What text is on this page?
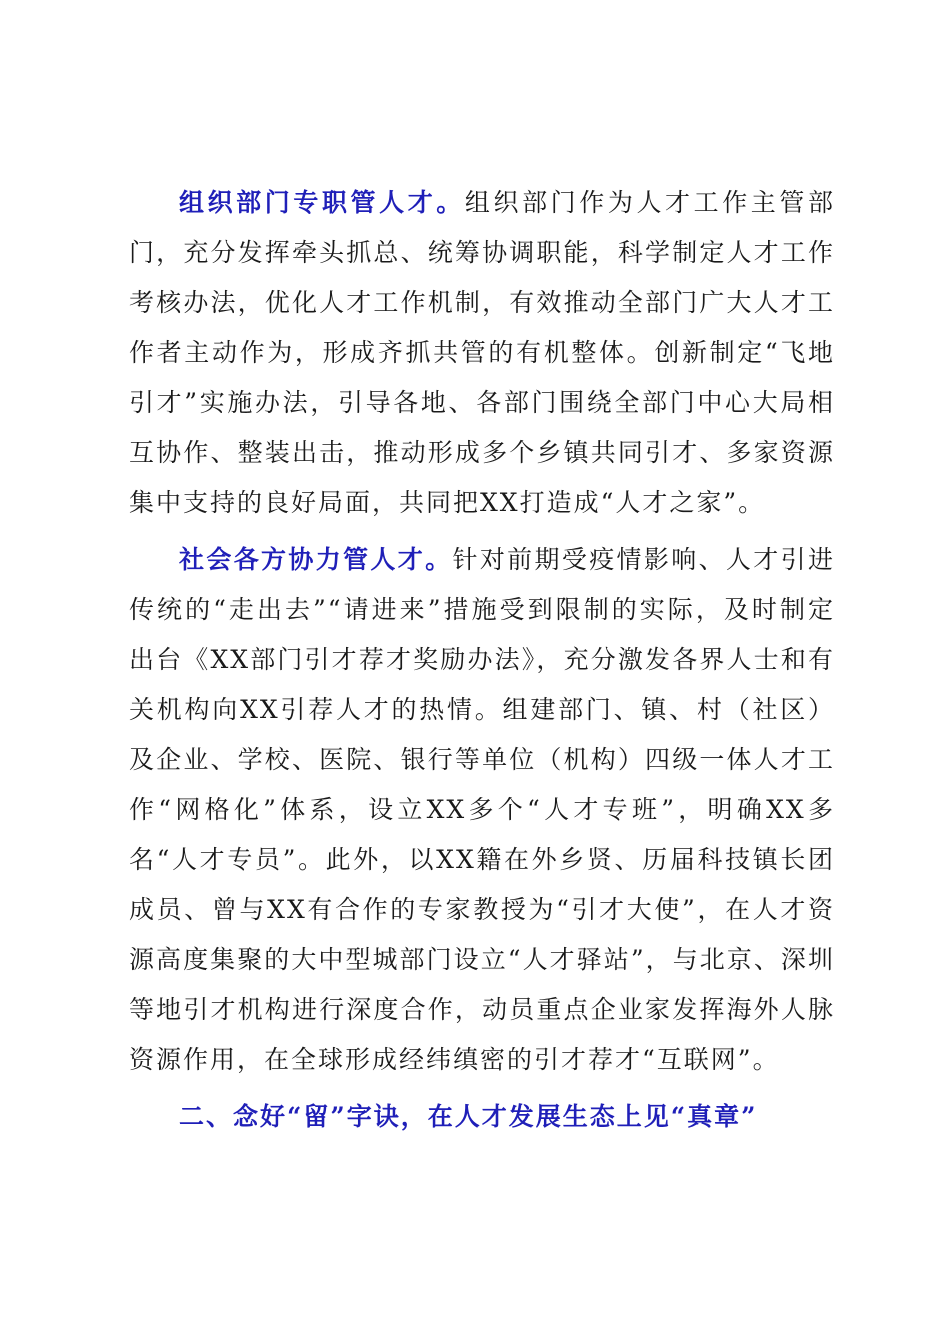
组织部门专职管人才。组织部门作为人才工作主管部门，充分发挥牵头抓总、统筹协调职能，科学制定人才工作考核办法，优化人才工作机制，有效推动全部门广大人才工作者主动作为，形成齐抓共管的有机整体。创新制定“飞地引才”实施办法，引导各地、各部门围绕全部门中心大局相互协作、整装出击，推动形成多个乡镇共同引才、多家资源集中支持的良好局面，共同把XX打造成“人才之家”。

社会各方协力管人才。针对前期受疫情影响、人才引进传统的“走出去”“请进来”措施受到限制的实际，及时制定出台《XX部门引才荐才奖励办法》，充分激发各界人士和有关机构向XX引荐人才的热情。组建部门、镇、村（社区）及企业、学校、医院、银行等单位（机构）四级一体人才工作“网格化”体系，设立XX多个“人才专班”，明确XX多名“人才专员”。此外，以XX籍在外乡贤、历届科技镇长团成员、曾与XX有合作的专家教授为“引才大使”，在人才资源高度集聚的大中型城部门设立“人才驿站”，与北京、深圳等地引才机构进行深度合作，动员重点企业家发挥海外人脉资源作用，在全球形成经纬缜密的引才荐才“互联网”。

二、念好“留”字诀，在人才发展生态上见“真章”
